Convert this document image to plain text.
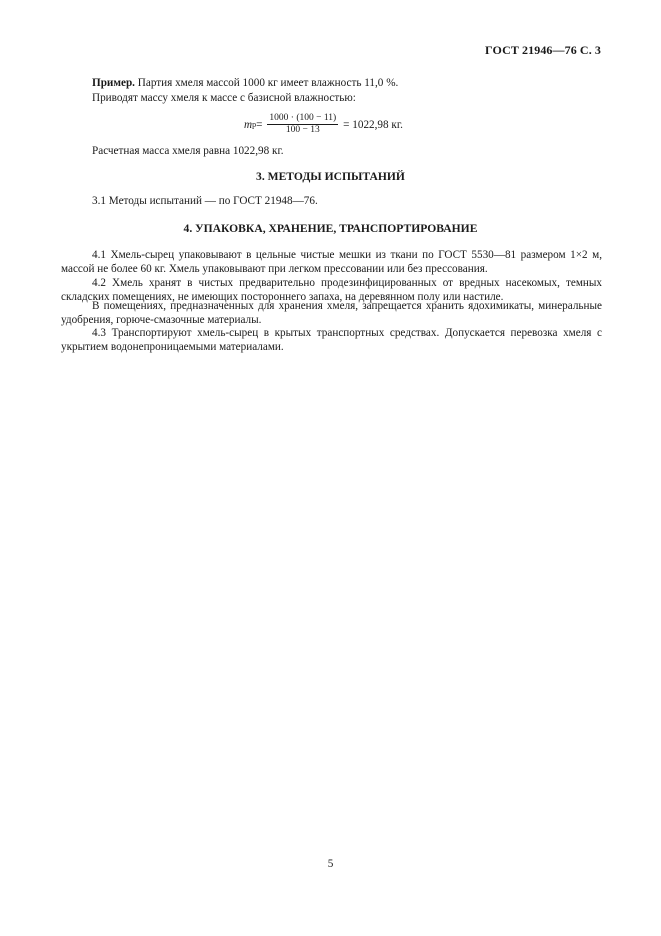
ГОСТ 21946—76 С. 3

Пример. Партия хмеля массой 1000 кг имеет влажность 11,0 %.

Приводят массу хмеля к массе с базисной влажностью:

m $р = \frac{1000 \cdot (100 - 11)}{100 - 13} = 1022,98$ кг.

Расчетная масса хмеля равна 1022,98 кг.

3. МЕТОДЫ ИСПЫТАНИЙ

3.1 Методы испытаний — по ГОСТ 21948—76.

4. УПАКОВКА, ХРАНЕНИЕ, ТРАНСПОРТИРОВАНИЕ

4.1 Хмель-сырец упаковывают в цельные чистые мешки из ткани по ГОСТ 5530—81 размером 1×2 м, массой не более 60 кг. Хмель упаковывают при легком прессовании или без прессования.

4.2 Хмель хранят в чистых предварительно продезинфицированных от вредных насекомых, темных складских помещениях, не имеющих постороннего запаха, на деревянном полу или настиле.

В помещениях, предназначенных для хранения хмеля, запрещается хранить ядохимикаты, минеральные удобрения, горюче-смазочные материалы.

4.3 Транспортируют хмель-сырец в крытых транспортных средствах. Допускается перевозка хмеля с укрытием водонепроницаемыми материалами.

5
